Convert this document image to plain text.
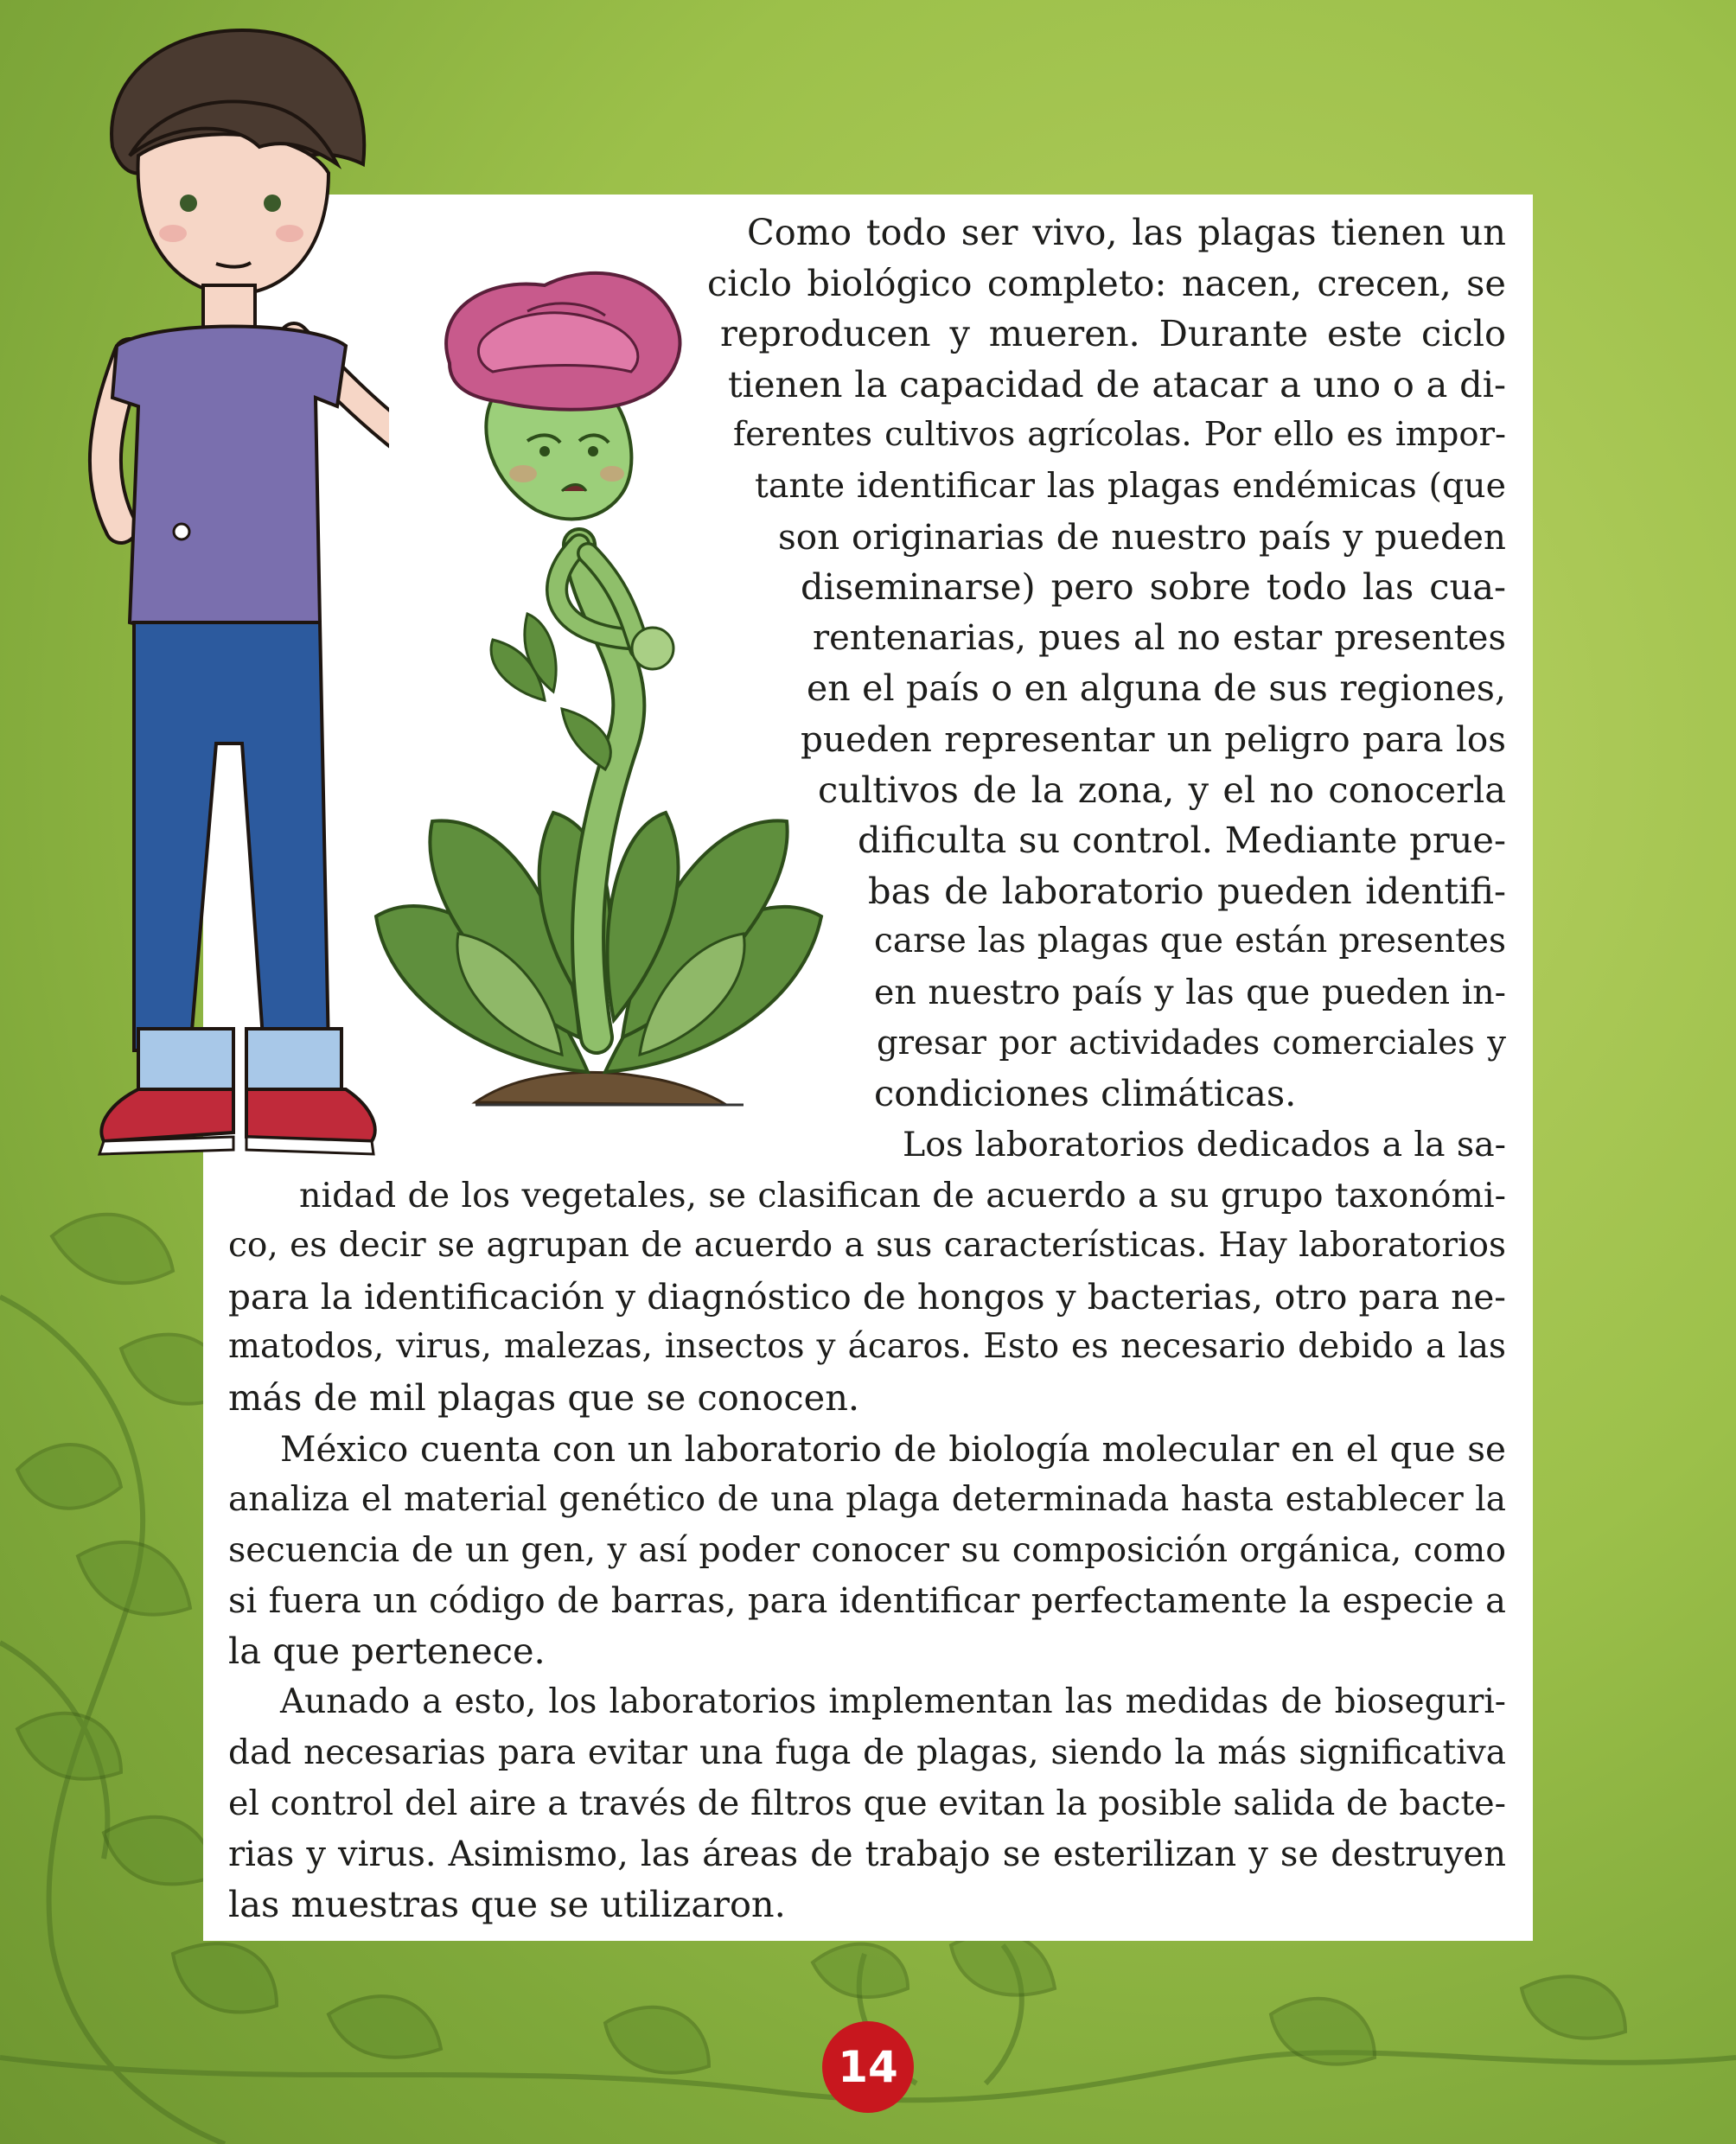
Como todo ser vivo, las plagas tienen un
ciclo biológico completo: nacen, crecen, se
reproducen y mueren. Durante este ciclo
tienen la capacidad de atacar a uno o a di-
ferentes cultivos agrícolas. Por ello es impor-
tante identificar las plagas endémicas (que
son originarias de nuestro país y pueden
diseminarse) pero sobre todo las cua-
rentenarias, pues al no estar presentes
en el país o en alguna de sus regiones,
pueden representar un peligro para los
cultivos de la zona, y el no conocerla
dificulta su control. Mediante prue-
bas de laboratorio pueden identifi-
carse las plagas que están presentes
en nuestro país y las que pueden in-
gresar por actividades comerciales y
condiciones climáticas.
Los laboratorios dedicados a la sa-
nidad de los vegetales, se clasifican de acuerdo a su grupo taxonómi-
co, es decir se agrupan de acuerdo a sus características. Hay laboratorios
para la identificación y diagnóstico de hongos y bacterias, otro para ne-
matodos, virus, malezas, insectos y ácaros. Esto es necesario debido a las
más de mil plagas que se conocen.
México cuenta con un laboratorio de biología molecular en el que se
analiza el material genético de una plaga determinada hasta establecer la
secuencia de un gen, y así poder conocer su composición orgánica, como
si fuera un código de barras, para identificar perfectamente la especie a
la que pertenece.
Aunado a esto, los laboratorios implementan las medidas de bioseguri-
dad necesarias para evitar una fuga de plagas, siendo la más significativa
el control del aire a través de filtros que evitan la posible salida de bacte-
rias y virus. Asimismo, las áreas de trabajo se esterilizan y se destruyen
las muestras que se utilizaron.
14
